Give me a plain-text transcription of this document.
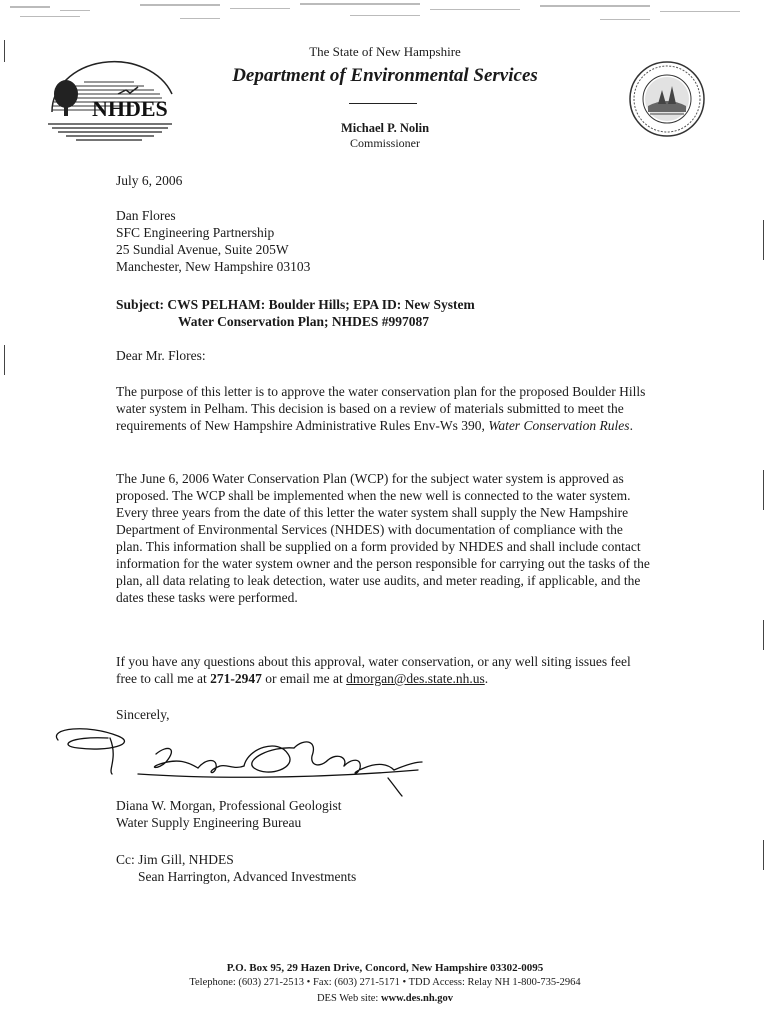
NHDES
The State of New Hampshire
Department of Environmental Services
Michael P. Nolin
Commissioner
July 6, 2006
Dan Flores
SFC Engineering Partnership
25 Sundial Avenue, Suite 205W
Manchester, New Hampshire 03103
Subject: CWS PELHAM: Boulder Hills; EPA ID: New System
Water Conservation Plan; NHDES #997087
Dear Mr. Flores:

The purpose of this letter is to approve the water conservation plan for the proposed Boulder Hills water system in Pelham. This decision is based on a review of materials submitted to meet the requirements of New Hampshire Administrative Rules Env-Ws 390, Water Conservation Rules.

The June 6, 2006 Water Conservation Plan (WCP) for the subject water system is approved as proposed. The WCP shall be implemented when the new well is connected to the water system. Every three years from the date of this letter the water system shall supply the New Hampshire Department of Environmental Services (NHDES) with documentation of compliance with the plan. This information shall be supplied on a form provided by NHDES and shall include contact information for the water system owner and the person responsible for carrying out the tasks of the plan, all data relating to leak detection, water use audits, and meter reading, if applicable, and the dates these tasks were performed.

If you have any questions about this approval, water conservation, or any well siting issues feel free to call me at 271-2947 or email me at dmorgan@des.state.nh.us.

Sincerely,
Diana W. Morgan, Professional Geologist
Water Supply Engineering Bureau
Cc: Jim Gill, NHDES
Sean Harrington, Advanced Investments
P.O. Box 95, 29 Hazen Drive, Concord, New Hampshire 03302-0095
Telephone: (603) 271-2513 • Fax: (603) 271-5171 • TDD Access: Relay NH 1-800-735-2964
DES Web site: www.des.nh.gov
